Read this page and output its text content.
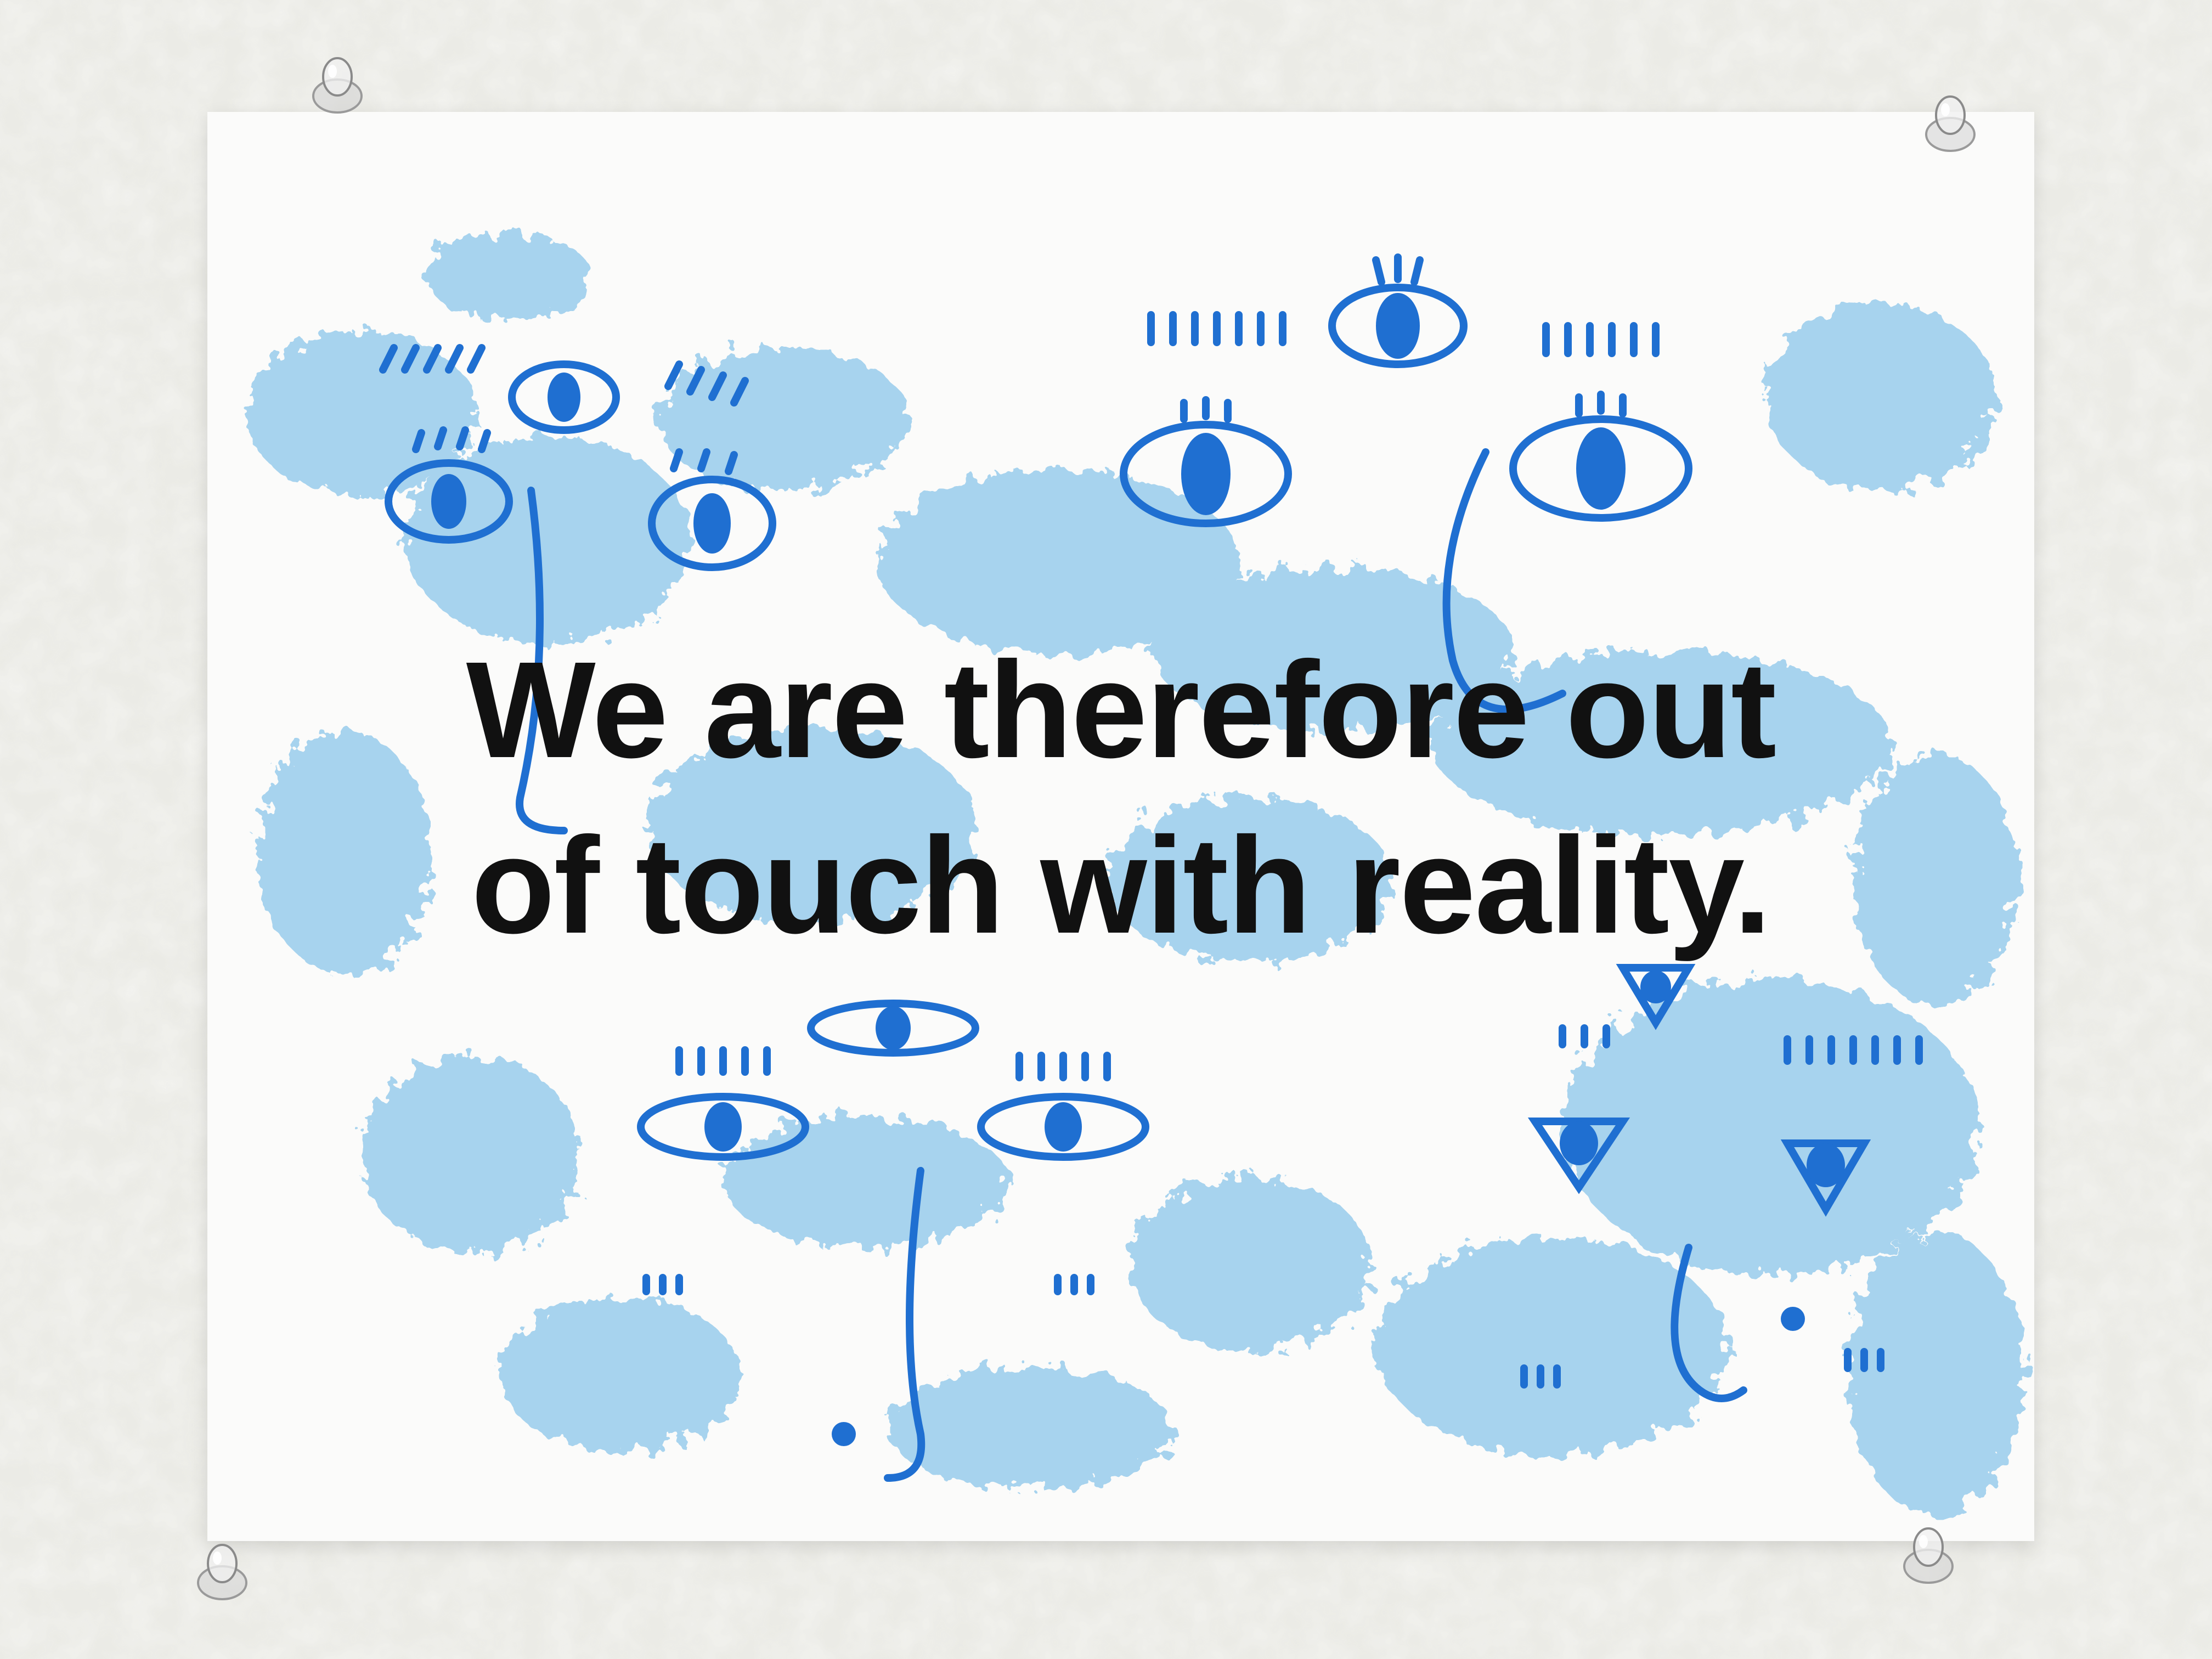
We are therefore out
of touch with reality.
